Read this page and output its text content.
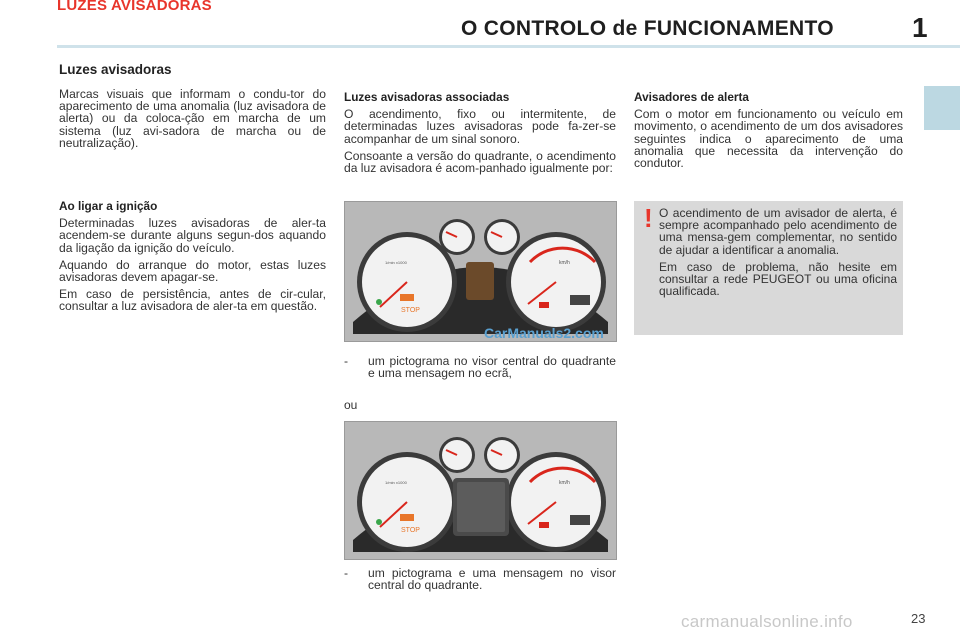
LUZES AVISADORAS
O CONTROLO de FUNCIONAMENTO	1
Luzes avisadoras

Marcas visuais que informam o condu-tor do aparecimento de uma anomalia (luz avisadora de alerta) ou da coloca-ção em marcha de um sistema (luz avi-sadora de marcha ou de neutralização).

Ao ligar a ignição

Determinadas luzes avisadoras de aler-ta acendem-se durante alguns segun-dos aquando da ligação da ignição do veículo.

Aquando do arranque do motor, estas luzes avisadoras devem apagar-se.

Em caso de persistência, antes de cir-cular, consultar a luz avisadora de aler-ta em questão.

Luzes avisadoras associadas

O acendimento, fixo ou intermitente, de determinadas luzes avisadoras pode fa-zer-se acompanhar de um sinal sonoro.

Consoante a versão do quadrante, o acendimento da luz avisadora é acom-panhado igualmente por:

Avisadores de alerta

Com o motor em funcionamento ou veículo em movimento, o acendimento de um dos avisadores seguintes indica o aparecimento de uma anomalia que necessita da intervenção do condutor.

STOP
km/h
1/min x1000
CarManuals2.com
- um pictograma no visor central do quadrante e uma mensagem no ecrã,
ou
STOP
km/h
1/min x1000
- um pictograma e uma mensagem no visor central do quadrante.
! O acendimento de um avisador de alerta, é sempre acompanhado pelo acendimento de uma mensa-gem complementar, no sentido de ajudar a identificar a anomalia.

Em caso de problema, não hesite em consultar a rede PEUGEOT ou uma oficina qualificada.

carmanualsonline.info	23
